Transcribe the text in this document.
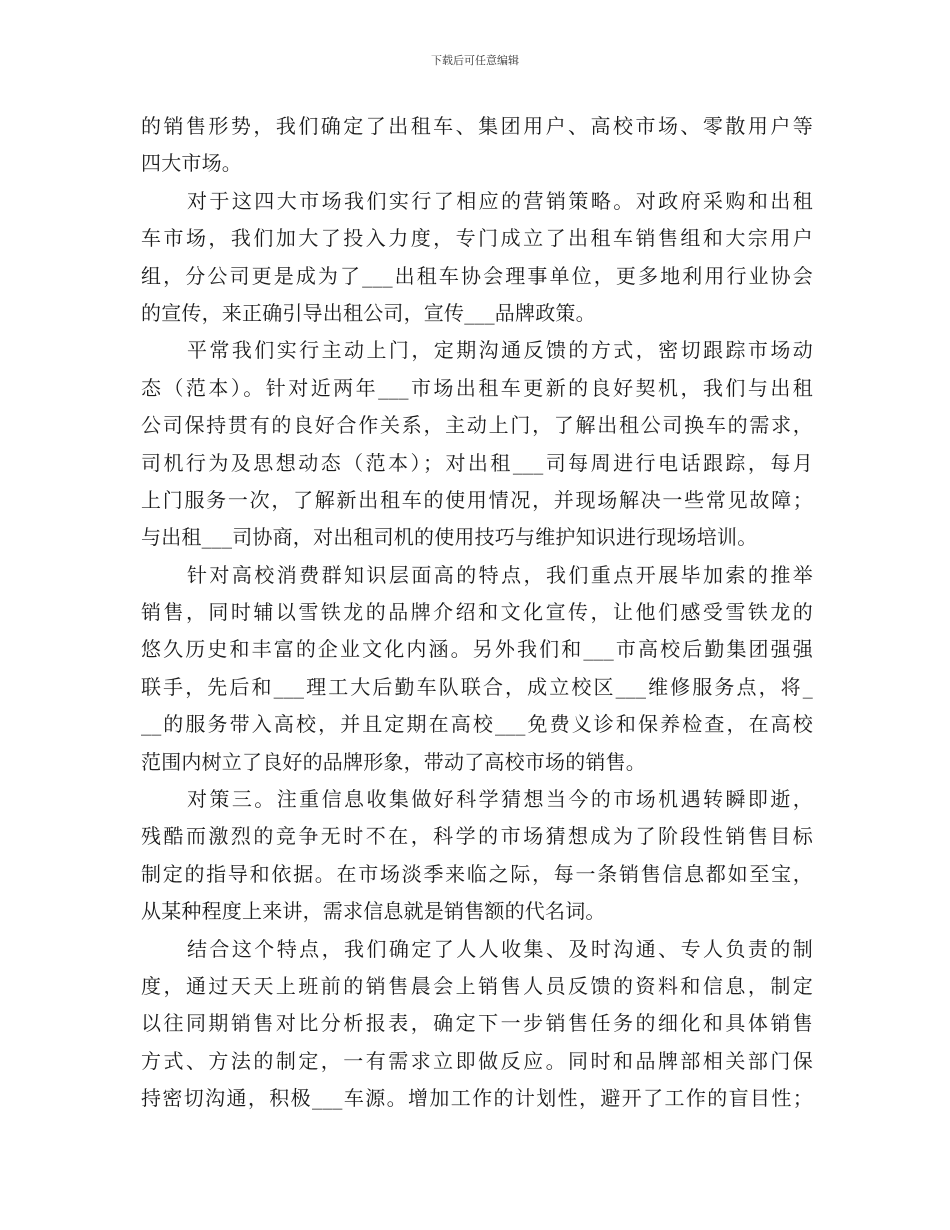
下载后可任意编辑
的销售形势，我们确定了出租车、集团用户、高校市场、零散用户等
四大市场。
对于这四大市场我们实行了相应的营销策略。对政府采购和出租
车市场，我们加大了投入力度，专门成立了出租车销售组和大宗用户
组，分公司更是成为了___出租车协会理事单位，更多地利用行业协会
的宣传，来正确引导出租公司，宣传___品牌政策。
平常我们实行主动上门，定期沟通反馈的方式，密切跟踪市场动
态（范本）。针对近两年___市场出租车更新的良好契机，我们与出租
公司保持贯有的良好合作关系，主动上门，了解出租公司换车的需求，
司机行为及思想动态（范本）；对出租___司每周进行电话跟踪，每月
上门服务一次，了解新出租车的使用情况，并现场解决一些常见故障；
与出租___司协商，对出租司机的使用技巧与维护知识进行现场培训。
针对高校消费群知识层面高的特点，我们重点开展毕加索的推举
销售，同时辅以雪铁龙的品牌介绍和文化宣传，让他们感受雪铁龙的
悠久历史和丰富的企业文化内涵。另外我们和___市高校后勤集团强强
联手，先后和___理工大后勤车队联合，成立校区___维修服务点，将_
__的服务带入高校，并且定期在高校___免费义诊和保养检查，在高校
范围内树立了良好的品牌形象，带动了高校市场的销售。
对策三。注重信息收集做好科学猜想当今的市场机遇转瞬即逝，
残酷而激烈的竞争无时不在，科学的市场猜想成为了阶段性销售目标
制定的指导和依据。在市场淡季来临之际，每一条销售信息都如至宝，
从某种程度上来讲，需求信息就是销售额的代名词。
结合这个特点，我们确定了人人收集、及时沟通、专人负责的制
度，通过天天上班前的销售晨会上销售人员反馈的资料和信息，制定
以往同期销售对比分析报表，确定下一步销售任务的细化和具体销售
方式、方法的制定，一有需求立即做反应。同时和品牌部相关部门保
持密切沟通，积极___车源。增加工作的计划性，避开了工作的盲目性；
